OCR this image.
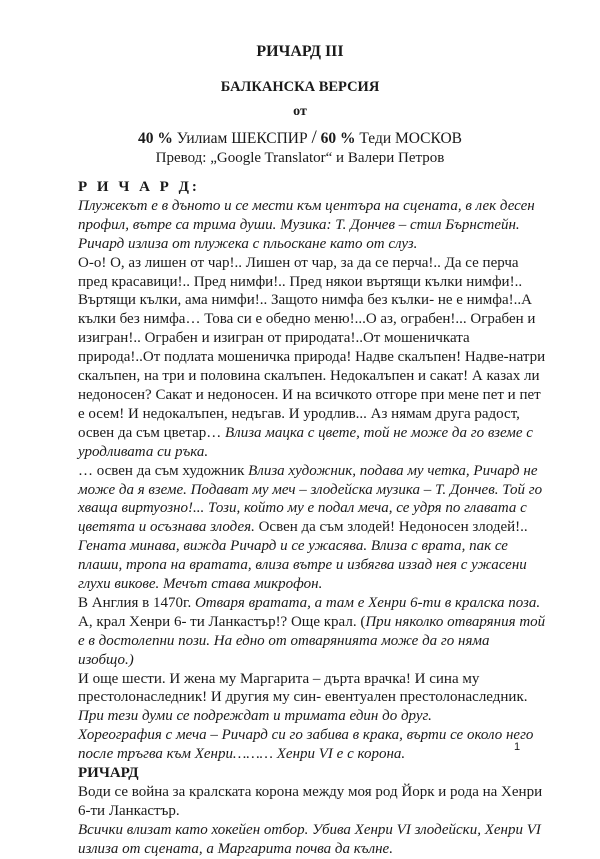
РИЧАРД III
БАЛКАНСКА ВЕРСИЯ
от
40 % Уилиам ШЕКСПИР / 60 % Теди МОСКОВ
Превод: „Google Translator“ и Валери Петров

Р И Ч А Р Д:

Плужекът е в дъното и се мести към центъра на сцената, в лек десен профил, вътре са трима души. Музика: Т. Дончев – стил Бърнстейн. Ричард излиза от плужека с пльоскане като от слуз.

О-о! О, аз лишен от чар!.. Лишен от чар, за да се перча!.. Да се перча пред красавици!.. Пред нимфи!.. Пред някои въртящи кълки нимфи!.. Въртящи кълки, ама нимфи!.. Защото нимфа без кълки- не е нимфа!..А кълки без нимфа… Това си е обедно меню!...О аз, ограбен!... Ограбен и изигран!.. Ограбен и изигран от природата!..От мошеничката природа!..От подлата мошеничка природа! Надве скалъпен! Надве-натри скалъпен, на три и половина скалъпен. Недокалъпен и сакат! А казах ли недоносен? Сакат и недоносен. И на всичкото отгоре при мене пет и пет е осем! И недокалъпен, недъгав. И уродлив... Аз нямам друга радост, освен да съм цветар… Влиза мацка с цвете, той не може да го вземе с уродливата си ръка.

… освен да съм художник Влиза художник, подава му четка, Ричард не може да я вземе. Подават му меч – злодейска музика – Т. Дончев. Той го хваща виртуозно!... Този, който му е подал меча, се удря по главата с цветята и осъзнава злодея. Освен да съм злодей! Недоносен злодей!..

Гената минава, вижда Ричард и се ужасява. Влиза с врата, пак се плаши, тропа на вратата, влиза вътре и избягва иззад нея с ужасени глухи викове. Мечът става микрофон.

В Англия в 1470г. Отваря вратата, а там е Хенри 6-ти в кралска поза.

А, крал Хенри 6- ти Ланкастър!? Още крал. (При няколко отваряния той е в достолепни пози. На едно от отварянията може да го няма изобщо.)

И още шести. И жена му Маргарита – дърта врачка! И сина му престолонаследник! И другия му син- евентуален престолонаследник.

При тези думи се подреждат и тримата един до друг.

Хореография с меча – Ричард си го забива в крака, върти се около него после тръгва към Хенри……… Хенри VI е с корона.

РИЧАРД

Води се война за кралската корона между моя род Йорк и рода на Хенри 6-ти Ланкастър.

Всички влизат като хокейен отбор. Убива Хенри VI злодейски, Хенри VI излиза от сцената, а Маргарита почва да кълне.

1
